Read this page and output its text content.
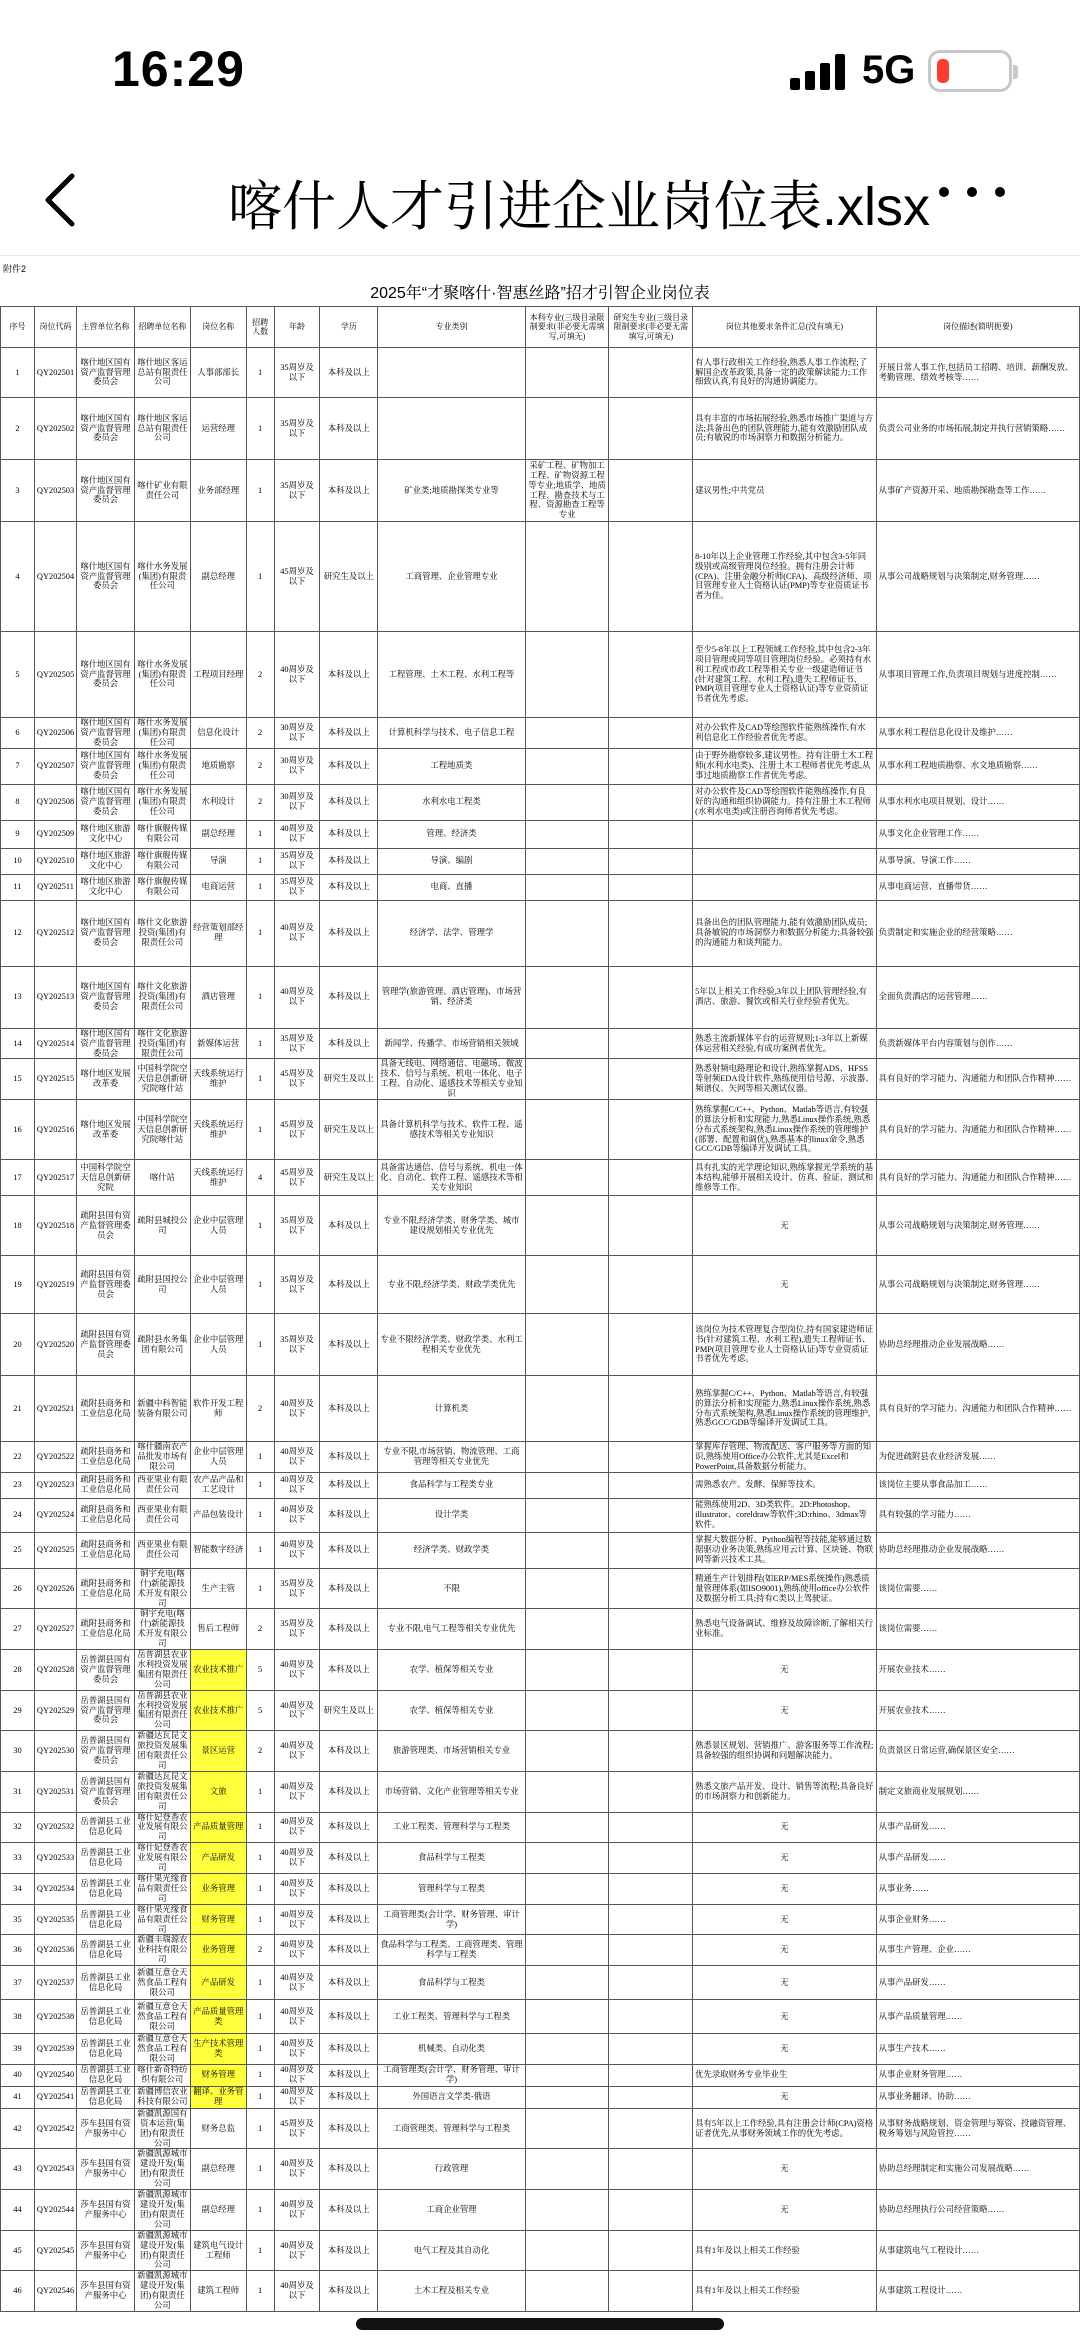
16:29	5G
喀什人才引进企业岗位表.xlsx
附件2
2025年“才聚喀什·智惠丝路”招才引智企业岗位表
序号	岗位代码	主管单位名称	招聘单位名称	岗位名称	招聘人数	年龄	学历	专业类别	本科专业(三级目录限制要求(非必要无需填写,可填无)	研究生专业(三级目录限制要求(非必要无需填写,可填无)	岗位其他要求条件汇总(没有填无)	岗位描述(简明扼要)
1	QY202501	喀什地区国有资产监督管理委员会	喀什地区客运总站有限责任公司	人事部部长	1	35周岁及以下	本科及以上				有人事行政相关工作经验,熟悉人事工作流程;了解国企改革政策,具备一定的政策解读能力;工作细致认真,有良好的沟通协调能力。	开展日常人事工作,包括员工招聘、培训、薪酬发放、考勤管理、绩效考核等……
2	QY202502	喀什地区国有资产监督管理委员会	喀什地区客运总站有限责任公司	运营经理	1	35周岁及以下	本科及以上				具有丰富的市场拓展经验,熟悉市场推广渠道与方法;具备出色的团队管理能力,能有效激励团队成员;有敏锐的市场洞察力和数据分析能力。	负责公司业务的市场拓展,制定并执行营销策略……
3	QY202503	喀什地区国有资产监督管理委员会	喀什矿业有限责任公司	业务部经理	1	35周岁及以下	本科及以上	矿业类;地质勘探类专业等	采矿工程、矿物加工工程、矿物资源工程等专业;地质学、地质工程、勘查技术与工程、资源勘查工程等专业		建议男性;中共党员	从事矿产资源开采、地质勘探勘查等工作……
4	QY202504	喀什地区国有资产监督管理委员会	喀什水务发展(集团)有限责任公司	副总经理	1	45周岁及以下	研究生及以上	工商管理、企业管理专业			8-10年以上企业管理工作经验,其中包含3-5年同级别或高级管理岗位经验。拥有注册会计师(CPA)、注册金融分析师(CFA)、高级经济师、项目管理专业人士资格认证(PMP)等专业资质证书者为佳。	从事公司战略规划与决策制定,财务管理……
5	QY202505	喀什地区国有资产监督管理委员会	喀什水务发展(集团)有限责任公司	工程项目经理	2	40周岁及以下	本科及以上	工程管理、土木工程、水利工程等			至少5-8年以上工程领域工作经验,其中包含2-3年项目管理或同等项目管理岗位经验。必须持有水利工程或市政工程等相关专业一级建造师证书(针对建筑工程、水利工程),遗失工程师证书、PMP(项目管理专业人士资格认证)等专业资质证书者优先考虑。	从事项目管理工作,负责项目规划与进度控制……
6	QY202506	喀什地区国有资产监督管理委员会	喀什水务发展(集团)有限责任公司	信息化设计	2	30周岁及以下	本科及以上	计算机科学与技术、电子信息工程			对办公软件及CAD等绘图软件能熟练操作,有水利信息化工作经验者优先考虑。	从事水利工程信息化设计及维护……
7	QY202507	喀什地区国有资产监督管理委员会	喀什水务发展(集团)有限责任公司	地质勘察	2	30周岁及以下	本科及以上	工程地质类			由于野外勘察较多,建议男性。持有注册土木工程师(水利水电类)、注册土木工程师者优先考虑,从事过地质勘察工作者优先考虑。	从事水利工程地质勘察、水文地质勘察……
8	QY202508	喀什地区国有资产监督管理委员会	喀什水务发展(集团)有限责任公司	水利设计	2	30周岁及以下	本科及以上	水利水电工程类			对办公软件及CAD等绘图软件能熟练操作,有良好的沟通和组织协调能力。持有注册土木工程师(水利水电类)或注册咨询师者优先考虑。	从事水利水电项目规划、设计……
9	QY202509	喀什地区旅游文化中心	喀什旗舰传媒有限公司	副总经理	1	40周岁及以下	本科及以上	管理、经济类				从事文化企业管理工作……
10	QY202510	喀什地区旅游文化中心	喀什旗舰传媒有限公司	导演	1	35周岁及以下	本科及以上	导演、编剧				从事导演、导演工作……
11	QY202511	喀什地区旅游文化中心	喀什旗舰传媒有限公司	电商运营	1	35周岁及以下	本科及以上	电商、直播				从事电商运营、直播带货……
12	QY202512	喀什地区国有资产监督管理委员会	喀什文化旅游投资(集团)有限责任公司	经营策划部经理	1	40周岁及以下	本科及以上	经济学、法学、管理学			具备出色的团队管理能力,能有效激励团队成员;具备敏锐的市场洞察力和数据分析能力;具备较强的沟通能力和谈判能力。	负责制定和实施企业的经营策略……
13	QY202513	喀什地区国有资产监督管理委员会	喀什文化旅游投资(集团)有限责任公司	酒店管理	1	40周岁及以下	本科及以上	管理学(旅游管理、酒店管理)、市场营销、经济类			5年以上相关工作经验,3年以上团队管理经验,有酒店、旅游、餐饮或相关行业经验者优先。	全面负责酒店的运营管理……
14	QY202514	喀什地区国有资产监督管理委员会	喀什文化旅游投资(集团)有限责任公司	新媒体运营	1	35周岁及以下	本科及以上	新闻学、传播学、市场营销相关领域			熟悉主流新媒体平台的运营规则;1-3年以上新媒体运营相关经验,有成功案例者优先。	负责新媒体平台内容策划与创作……
15	QY202515	喀什地区发展改革委	中国科学院空天信息创新研究院喀什站	天线系统运行维护	1	45周岁及以下	研究生及以上	具备无线电、网络通信、电磁场、微波技术、信号与系统、机电一体化、电子工程、自动化、遥感技术等相关专业知识			熟悉射频电路理论和设计,熟练掌握ADS、HFSS等射频EDA设计软件,熟练使用信号源、示波器、频谱仪、矢网等相关测试仪器。	具有良好的学习能力、沟通能力和团队合作精神……
16	QY202516	喀什地区发展改革委	中国科学院空天信息创新研究院喀什站	天线系统运行维护	1	45周岁及以下	研究生及以上	具备计算机科学与技术、软件工程、遥感技术等相关专业知识			熟练掌握C/C++、Python、Matlab等语言,有较强的算法分析和实现能力,熟悉Linux操作系统,熟悉分布式系统架构,熟悉Linux操作系统的管理维护(部署、配置和调优),熟悉基本的linux命令,熟悉GCC/GDB等编译开发调试工具。	具有良好的学习能力、沟通能力和团队合作精神……
17	QY202517	中国科学院空天信息创新研究院	喀什站	天线系统运行维护	4	45周岁及以下	研究生及以上	具备雷达通信、信号与系统、机电一体化、自动化、软件工程、遥感技术等相关专业知识			具有扎实的光学理论知识,熟练掌握光学系统的基本结构,能够开展相关设计、仿真、验证、测试和维修等工作。	具有良好的学习能力、沟通能力和团队合作精神……
18	QY202518	疏附县国有资产监督管理委员会	疏附县城投公司	企业中层管理人员	1	35周岁及以下	本科及以上	专业不限,经济学类、财务学类、城市建设规划相关专业优先			无	从事公司战略规划与决策制定,财务管理……
19	QY202519	疏附县国有资产监督管理委员会	疏附县国投公司	企业中层管理人员	1	35周岁及以下	本科及以上	专业不限,经济学类、财政学类优先			无	从事公司战略规划与决策制定,财务管理……
20	QY202520	疏附县国有资产监督管理委员会	疏附县水务集团有限公司	企业中层管理人员	1	35周岁及以下	本科及以上	专业不限经济学类、财政学类、水利工程相关专业优先			该岗位为技术管理复合型岗位,持有国家建造师证书(针对建筑工程、水利工程),遗失工程师证书、PMP(项目管理专业人士资格认证)等专业资质证书者优先考虑。	协助总经理推动企业发展战略……
21	QY202521	疏附县商务和工业信息化局	新疆中科智能装备有限公司	软件开发工程师	2	40周岁及以下	本科及以上	计算机类			熟练掌握C/C++、Python、Matlab等语言,有较强的算法分析和实现能力,熟悉Linux操作系统,熟悉分布式系统架构,熟悉Linux操作系统的管理维护,熟悉GCC/GDB等编译开发调试工具。	具有良好的学习能力、沟通能力和团队合作精神……
22	QY202522	疏附县商务和工业信息化局	喀什疆南农产品批发市场有限公司	企业中层管理人员	1	40周岁及以下	本科及以上	专业不限,市场营销、物流管理、工商管理等相关专业优先			掌握库存管理、物流配送、客户服务等方面的知识,熟练使用Office办公软件,尤其是Excel和PowerPoint,具备数据分析能力。	为促进疏附县农业经济发展……
23	QY202523	疏附县商务和工业信息化局	西亚果业有限责任公司	农产品产品和工艺设计	1	40周岁及以下	本科及以上	食品科学与工程类专业			需熟悉农产、发酵、保鲜等技术。	该岗位主要从事食品加工……
24	QY202524	疏附县商务和工业信息化局	西亚果业有限责任公司	产品包装设计	1	40周岁及以下	本科及以上	设计学类			能熟练使用2D、3D类软件。2D:Photoshop、illustrator、coreldraw等软件;3D:rhino、3dmax等软件。	具有较强的学习能力……
25	QY202525	疏附县商务和工业信息化局	西亚果业有限责任公司	智能数字经济	1	40周岁及以下	本科及以上	经济学类、财政学类			掌握大数据分析、Python编程等技能,能够通过数据驱动业务决策,熟练应用云计算、区块链、物联网等新兴技术工具。	协助总经理推动企业发展战略……
26	QY202526	疏附县商务和工业信息化局	铜宇充电(喀什)新能源技术开发有限公司	生产主管	1	35周岁及以下	本科及以上	不限			精通生产计划排程(如ERP/MES系统操作)熟悉质量管理体系(如ISO9001),熟练使用office办公软件及数据分析工具;持有C类以上驾驶证。	该岗位需要……
27	QY202527	疏附县商务和工业信息化局	铜宇充电(喀什)新能源技术开发有限公司	售后工程师	2	35周岁及以下	本科及以上	专业不限,电气工程等相关专业优先			熟悉电气设备调试、维修及故障诊断,了解相关行业标准。	该岗位需要……
28	QY202528	岳普湖县国有资产监督管理委员会	岳普湖县农业水利投资发展集团有限责任公司	农业技术推广	5	40周岁及以下	本科及以上	农学、植保等相关专业			无	开展农业技术……
29	QY202529	岳普湖县国有资产监督管理委员会	岳普湖县农业水利投资发展集团有限责任公司	农业技术推广	5	40周岁及以下	研究生及以上	农学、植保等相关专业			无	开展农业技术……
30	QY202530	岳普湖县国有资产监督管理委员会	新疆达瓦昆文旅投资发展集团有限责任公司	景区运营	2	40周岁及以下	本科及以上	旅游管理类、市场营销相关专业			熟悉景区规划、营销推广、游客服务等工作流程;具备较强的组织协调和问题解决能力。	负责景区日常运营,确保景区安全……
31	QY202531	岳普湖县国有资产监督管理委员会	新疆达瓦昆文旅投资发展集团有限责任公司	文旅	1	40周岁及以下	本科及以上	市场营销、文化产业管理等相关专业			熟悉文旅产品开发、设计、销售等流程;具备良好的市场洞察力和创新能力。	制定文旅商业发展规划……
32	QY202532	岳普湖县工业信息化局	喀什妃登香农业发展有限公司	产品质量管理	1	40周岁及以下	本科及以上	工业工程类、管理科学与工程类			无	从事产品研发……
33	QY202533	岳普湖县工业信息化局	喀什妃登香农业发展有限公司	产品研发	1	40周岁及以下	本科及以上	食品科学与工程类			无	从事产品研发……
34	QY202534	岳普湖县工业信息化局	喀什果光缘食品有限责任公司	业务管理	1	40周岁及以下	本科及以上	管理科学与工程类			无	从事业务……
35	QY202535	岳普湖县工业信息化局	喀什果光缘食品有限责任公司	财务管理	1	40周岁及以下	本科及以上	工商管理类(会计学、财务管理、审计学)			无	从事企业财务……
36	QY202536	岳普湖县工业信息化局	新疆丰瑞源农业科技有限公司	业务管理	2	40周岁及以下	本科及以上	食品科学与工程类、工商管理类、管理科学与工程类			无	从事生产管理、企业……
37	QY202537	岳普湖县工业信息化局	新疆互意仓天然食品工程有限公司	产品研发	1	40周岁及以下	本科及以上	食品科学与工程类			无	从事产品研发……
38	QY202538	岳普湖县工业信息化局	新疆互意仓天然食品工程有限公司	产品质量管理类	1	40周岁及以下	本科及以上	工业工程类、管理科学与工程类			无	从事产品质量管理……
39	QY202539	岳普湖县工业信息化局	新疆互意仓天然食品工程有限公司	生产技术管理类	1	40周岁及以下	本科及以上	机械类、自动化类			无	从事生产技术……
40	QY202540	岳普湖县工业信息化局	喀什新奇特纺织有限公司	财务管理	1	40周岁及以下	本科及以上	工商管理类(会计学、财务管理、审计学)			优先录取财务专业毕业生	从事企业财务管理……
41	QY202541	岳普湖县工业信息化局	新疆博信农业科技有限公司	翻译、业务管理	1	40周岁及以下	本科及以上	外国语言文学类-俄语			无	从事业务翻译、协助……
42	QY202542	莎车县国有资产服务中心	新疆凯源国有资本运营(集团)有限责任公司	财务总监	1	45周岁及以下	本科及以上	工商管理类、管理科学与工程类			具有5年以上工作经验,具有注册会计师(CPA)资格证者优先,从事财务领域工作的优先考虑。	从事财务战略规划、资金管理与筹资、投融资管理、税务筹划与风险管控……
43	QY202543	莎车县国有资产服务中心	新疆凯源城市建设开发(集团)有限责任公司	副总经理	1	40周岁及以下	本科及以上	行政管理			无	协助总经理制定和实施公司发展战略……
44	QY202544	莎车县国有资产服务中心	新疆凯源城市建设开发(集团)有限责任公司	副总经理	1	40周岁及以下	本科及以上	工商企业管理			无	协助总经理执行公司经营策略……
45	QY202545	莎车县国有资产服务中心	新疆凯源城市建设开发(集团)有限责任公司	建筑电气设计工程师	1	40周岁及以下	本科及以上	电气工程及其自动化			具有1年及以上相关工作经验	从事建筑电气工程设计……
46	QY202546	莎车县国有资产服务中心	新疆凯源城市建设开发(集团)有限责任公司	建筑工程师	1	40周岁及以下	本科及以上	土木工程及相关专业			具有1年及以上相关工作经验	从事建筑工程设计……
